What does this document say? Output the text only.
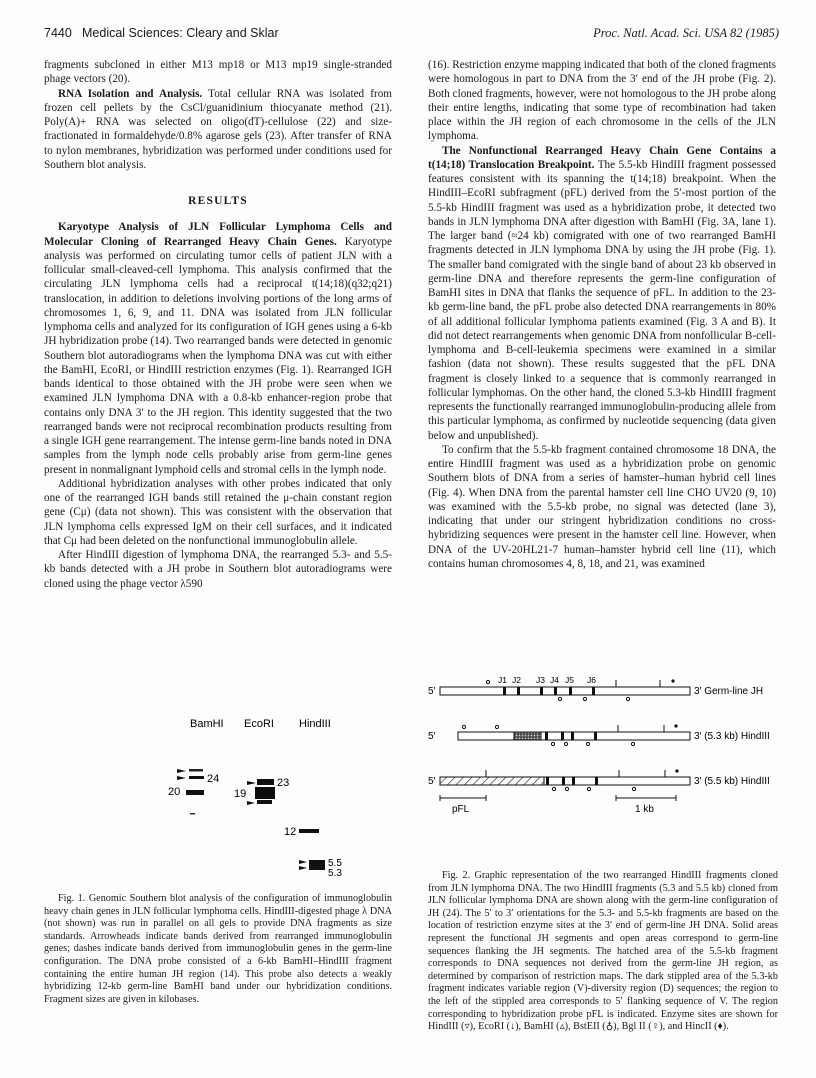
7440 Medical Sciences: Cleary and Sklar	Proc. Natl. Acad. Sci. USA 82 (1985)

fragments subcloned in either M13 mp18 or M13 mp19 single-stranded phage vectors (20).

RNA Isolation and Analysis. Total cellular RNA was isolated from frozen cell pellets by the CsCl/guanidinium thiocyanate method (21). Poly(A)+ RNA was selected on oligo(dT)-cellulose (22) and size-fractionated in formaldehyde/0.8% agarose gels (23). After transfer of RNA to nylon membranes, hybridization was performed under conditions used for Southern blot analysis.

RESULTS

Karyotype Analysis of JLN Follicular Lymphoma Cells and Molecular Cloning of Rearranged Heavy Chain Genes. Karyotype analysis was performed on circulating tumor cells of patient JLN with a follicular small-cleaved-cell lymphoma. This analysis confirmed that the circulating JLN lymphoma cells had a reciprocal t(14;18)(q32;q21) translocation, in addition to deletions involving portions of the long arms of chromosomes 1, 6, 9, and 11. DNA was isolated from JLN follicular lymphoma cells and analyzed for its configuration of IGH genes using a 6-kb JH hybridization probe (14). Two rearranged bands were detected in genomic Southern blot autoradiograms when the lymphoma DNA was cut with either the BamHI, EcoRI, or HindIII restriction enzymes (Fig. 1). Rearranged IGH bands identical to those obtained with the JH probe were seen when we examined JLN lymphoma DNA with a 0.8-kb enhancer-region probe that contains only DNA 3′ to the JH region. This identity suggested that the two rearranged bands were not reciprocal recombination products resulting from a single IGH gene rearrangement. The intense germ-line bands noted in DNA samples from the lymph node cells probably arise from germ-line genes present in nonmalignant lymphoid cells and stromal cells in the lymph node.

Additional hybridization analyses with other probes indicated that only one of the rearranged IGH bands still retained the μ-chain constant region gene (Cμ) (data not shown). This was consistent with the observation that JLN lymphoma cells expressed IgM on their cell surfaces, and it indicated that Cμ had been deleted on the nonfunctional immunoglobulin allele.

After HindIII digestion of lymphoma DNA, the rearranged 5.3- and 5.5-kb bands detected with a JH probe in Southern blot autoradiograms were cloned using the phage vector λ590

(16). Restriction enzyme mapping indicated that both of the cloned fragments were homologous in part to DNA from the 3′ end of the JH probe (Fig. 2). Both cloned fragments, however, were not homologous to the JH probe along their entire lengths, indicating that some type of recombination had taken place within the JH region of each chromosome in the cells of the JLN lymphoma.

The Nonfunctional Rearranged Heavy Chain Gene Contains a t(14;18) Translocation Breakpoint. The 5.5-kb HindIII fragment possessed features consistent with its spanning the t(14;18) breakpoint. When the HindIII–EcoRI subfragment (pFL) derived from the 5′-most portion of the 5.5-kb HindIII fragment was used as a hybridization probe, it detected two bands in JLN lymphoma DNA after digestion with BamHI (Fig. 3A, lane 1). The larger band (≈24 kb) comigrated with one of two rearranged BamHI fragments detected in JLN lymphoma DNA by using the JH probe (Fig. 1). The smaller band comigrated with the single band of about 23 kb observed in germ-line DNA and therefore represents the germ-line configuration of BamHI sites in DNA that flanks the sequence of pFL. In addition to the 23-kb germ-line band, the pFL probe also detected DNA rearrangements in 80% of all additional follicular lymphoma patients examined (Fig. 3 A and B). It did not detect rearrangements when genomic DNA from nonfollicular B-cell-lymphoma and B-cell-leukemia specimens were examined in a similar fashion (data not shown). These results suggested that the pFL DNA fragment is closely linked to a sequence that is commonly rearranged in follicular lymphomas. On the other hand, the cloned 5.3-kb HindIII fragment represents the functionally rearranged immunoglobulin-producing allele from this particular lymphoma, as confirmed by nucleotide sequencing (data given below and unpublished).

To confirm that the 5.5-kb fragment contained chromosome 18 DNA, the entire HindIII fragment was used as a hybridization probe on genomic Southern blots of DNA from a series of hamster–human hybrid cell lines (Fig. 4). When DNA from the parental hamster cell line CHO UV20 (9, 10) was examined with the 5.5-kb probe, no signal was detected (lane 3), indicating that under our stringent hybridization conditions no cross-hybridizing sequences were present in the hamster cell line. However, when DNA of the UV-20HL21-7 human–hamster hybrid cell line (11), which contains human chromosomes 4, 8, 18, and 21, was examined

BamHI EcoRI HindIII
24
20
23
19
12
5.5
5.3
Fig. 1. Genomic Southern blot analysis of the configuration of immunoglobulin heavy chain genes in JLN follicular lymphoma cells. HindIII-digested phage λ DNA (not shown) was run in parallel on all gels to provide DNA fragments as size standards. Arrowheads indicate bands derived from rearranged immunoglobulin genes; dashes indicate bands derived from immunoglobulin genes in the germ-line configuration. The DNA probe consisted of a 6-kb BamHI–HindIII fragment containing the entire human JH region (14). This probe also detects a weakly hybridizing 12-kb germ-line BamHI band under our hybridization conditions. Fragment sizes are given in kilobases.
5′
J1 J2 J3 J4 J5 J6
3′ Germ-line JH
5′	3′ (5.3 kb) HindIII
5′	3′ (5.5 kb) HindIII
pFL	1 kb
Fig. 2. Graphic representation of the two rearranged HindIII fragments cloned from JLN lymphoma DNA. The two HindIII fragments (5.3 and 5.5 kb) cloned from JLN follicular lymphoma DNA are shown along with the germ-line configuration of JH (24). The 5′ to 3′ orientations for the 5.3- and 5.5-kb fragments are based on the location of restriction enzyme sites at the 3′ end of germ-line JH DNA. Solid areas represent the functional JH segments and open areas correspond to germ-line sequences flanking the JH segments. The hatched area of the 5.5-kb fragment corresponds to DNA sequences not derived from the germ-line JH region, as determined by comparison of restriction maps. The dark stippled area of the 5.3-kb fragment indicates variable region (V)-diversity region (D) sequences; the region to the left of the stippled area corresponds to 5′ flanking sequence of V. The region corresponding to hybridization probe pFL is indicated. Enzyme sites are shown for HindIII (▿), EcoRI (↓), BamHI (▵), BstEII (♁), Bgl II (♀), and HincII (♦).
